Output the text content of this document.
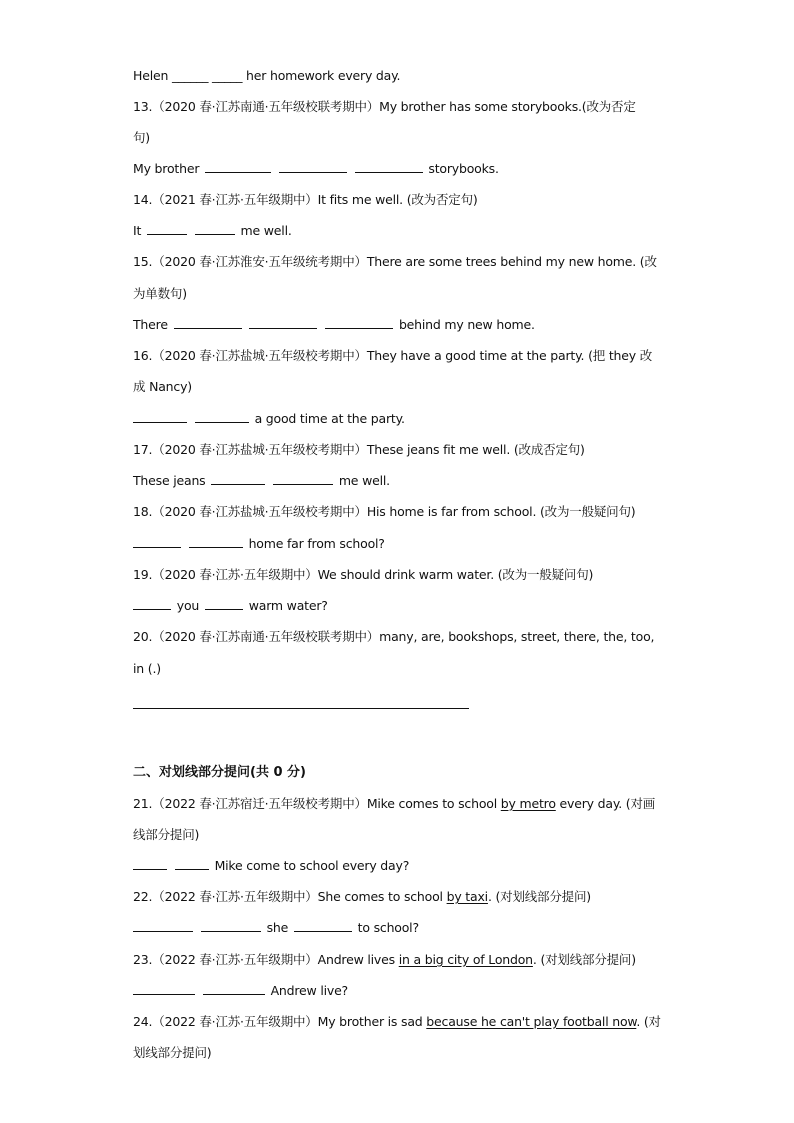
Helen ______ _____ her homework every day.
13.（2020 春·江苏南通·五年级校联考期中）My brother has some storybooks.(改为否定
句)
My brother	storybooks.
14.（2021 春·江苏·五年级期中）It fits me well. (改为否定句)
It	me well.
15.（2020 春·江苏淮安·五年级统考期中）There are some trees behind my new home. (改
为单数句)
There	behind my new home.
16.（2020 春·江苏盐城·五年级校考期中）They have a good time at the party. (把 they 改
成 Nancy)
a good time at the party.
17.（2020 春·江苏盐城·五年级校考期中）These jeans fit me well. (改成否定句)
These jeans	me well.
18.（2020 春·江苏盐城·五年级校考期中）His home is far from school. (改为一般疑问句)
home far from school?
19.（2020 春·江苏·五年级期中）We should drink warm water. (改为一般疑问句)
you	warm water?
20.（2020 春·江苏南通·五年级校联考期中）many, are, bookshops, street, there, the, too,
in (.)
二、对划线部分提问(共 0 分)
21.（2022 春·江苏宿迁·五年级校考期中）Mike comes to school by metro every day. (对画
线部分提问)
Mike come to school every day?
22.（2022 春·江苏·五年级期中）She comes to school by taxi. (对划线部分提问)
she	to school?
23.（2022 春·江苏·五年级期中）Andrew lives in a big city of London. (对划线部分提问)
Andrew live?
24.（2022 春·江苏·五年级期中）My brother is sad because he can't play football now. (对
划线部分提问)
